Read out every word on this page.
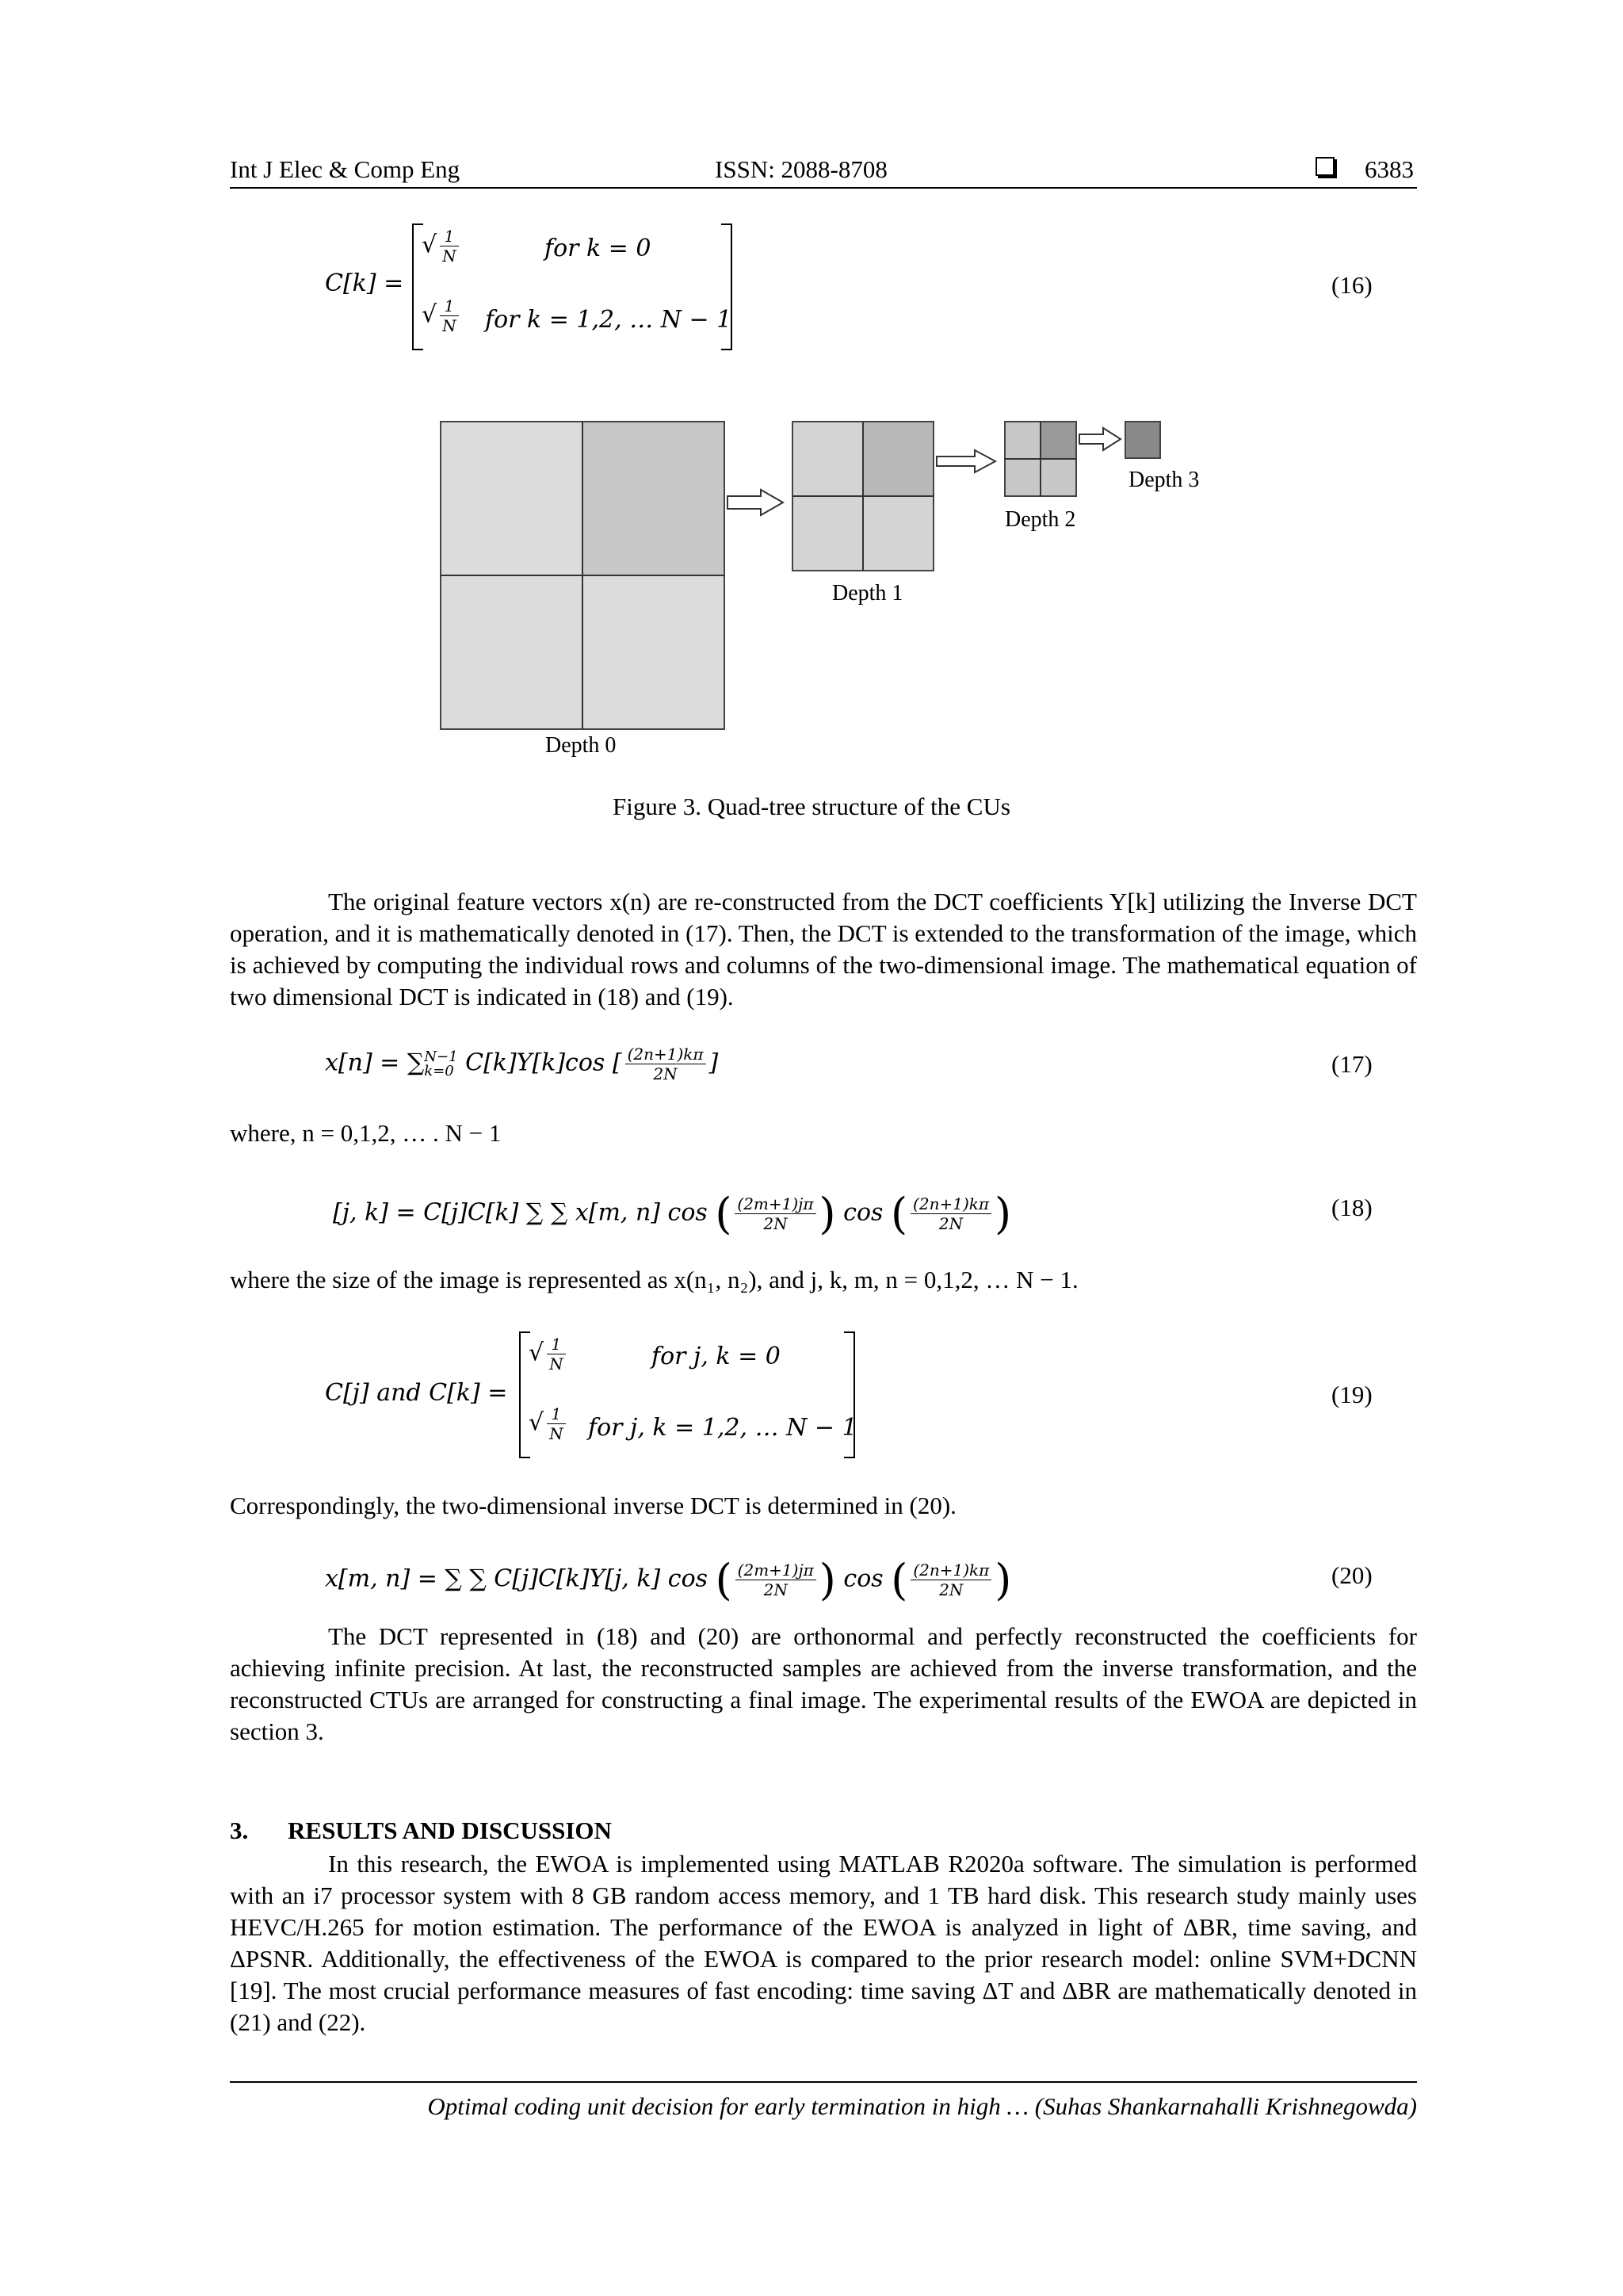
Int J Elec & Comp Eng	ISSN: 2088-8708	6383
C[k] =
√ $\frac{1}{N}$	for k = 0
√ $\frac{1}{N}$ for k = 1,2, … N − 1
(16)
Depth 0
Depth 1
Depth 2
Depth 3
Figure 3. Quad-tree structure of the CUs
The original feature vectors x(n) are re-constructed from the DCT coefficients Y[k] utilizing the Inverse DCT operation, and it is mathematically denoted in (17). Then, the DCT is extended to the transformation of the image, which is achieved by computing the individual rows and columns of the two-dimensional image. The mathematical equation of two dimensional DCT is indicated in (18) and (19).
x[n] = ∑ N−1
k=0 C[k]Y[k]cos [ $\frac{(2n+1)k\pi}{2N}$ ]	(17)
where, n = 0,1,2, … . N − 1
[j, k] = C[j]C[k] ∑ ∑ x[m, n] cos ( $\frac{(2m+1)j\pi}{2N}$ ) cos ( $\frac{(2n+1)k\pi}{2N}$ )	(18)
where the size of the image is represented as x(n₁, n₂), and j, k, m, n = 0,1,2, … N − 1.
C[j] and C[k] =
√ $\frac{1}{N}$	for j, k = 0
√ $\frac{1}{N}$ for j, k = 1,2, … N − 1
(19)
Correspondingly, the two-dimensional inverse DCT is determined in (20).
x[m, n] = ∑ ∑ C[j]C[k]Y[j, k] cos ( $\frac{(2m+1)j\pi}{2N}$ ) cos ( $\frac{(2n+1)k\pi}{2N}$ )	(20)
The DCT represented in (18) and (20) are orthonormal and perfectly reconstructed the coefficients for achieving infinite precision. At last, the reconstructed samples are achieved from the inverse transformation, and the reconstructed CTUs are arranged for constructing a final image. The experimental results of the EWOA are depicted in section 3.
3. RESULTS AND DISCUSSION
In this research, the EWOA is implemented using MATLAB R2020a software. The simulation is performed with an i7 processor system with 8 GB random access memory, and 1 TB hard disk. This research study mainly uses HEVC/H.265 for motion estimation. The performance of the EWOA is analyzed in light of ΔBR, time saving, and ΔPSNR. Additionally, the effectiveness of the EWOA is compared to the prior research model: online SVM+DCNN [19]. The most crucial performance measures of fast encoding: time saving ΔT and ΔBR are mathematically denoted in (21) and (22).
Optimal coding unit decision for early termination in high … (Suhas Shankarnahalli Krishnegowda)
